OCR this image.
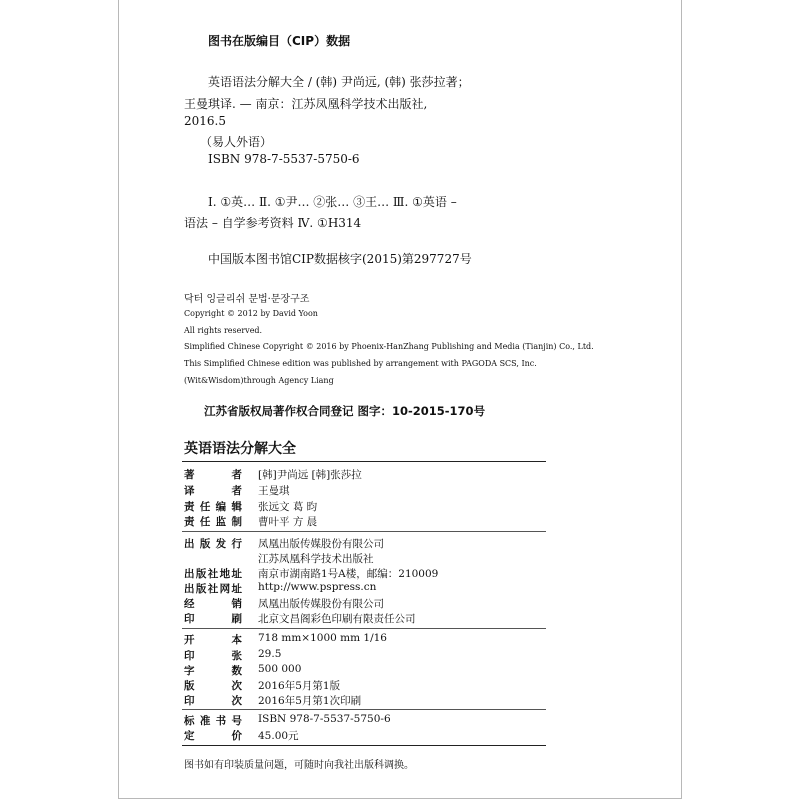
图书在版编目（CIP）数据
英语语法分解大全 / (韩) 尹尚远, (韩) 张莎拉著；
王曼琪译. — 南京：江苏凤凰科学技术出版社,
2016.5
（易人外语）
ISBN 978-7-5537-5750-6
Ⅰ. ①英… Ⅱ. ①尹… ②张… ③王… Ⅲ. ①英语 –
语法 – 自学参考资料 Ⅳ. ①H314
中国版本图书馆CIP数据核字(2015)第297727号
닥터 잉글리쉬 문법·문장구조
Copyright © 2012 by David Yoon
All rights reserved.
Simplified Chinese Copyright © 2016 by Phoenix-HanZhang Publishing and Media (Tianjin) Co., Ltd.
This Simplified Chinese edition was published by arrangement with PAGODA SCS, Inc.
(Wit&Wisdom)through Agency Liang
江苏省版权局著作权合同登记 图字：10-2015-170号
英语语法分解大全
著者 [韩]尹尚远 [韩]张莎拉
译者 王曼琪
责任编辑 张远文 葛 昀
责任监制 曹叶平 方 晨
出版发行 凤凰出版传媒股份有限公司
江苏凤凰科学技术出版社
出版社地址 南京市湖南路1号A楼，邮编：210009
出版社网址 http://www.pspress.cn
经销 凤凰出版传媒股份有限公司
印刷 北京文昌阁彩色印刷有限责任公司
开本 718 mm×1000 mm 1/16
印张 29.5
字数 500 000
版次 2016年5月第1版
印次 2016年5月第1次印刷
标准书号 ISBN 978-7-5537-5750-6
定价 45.00元
图书如有印装质量问题，可随时向我社出版科调换。
